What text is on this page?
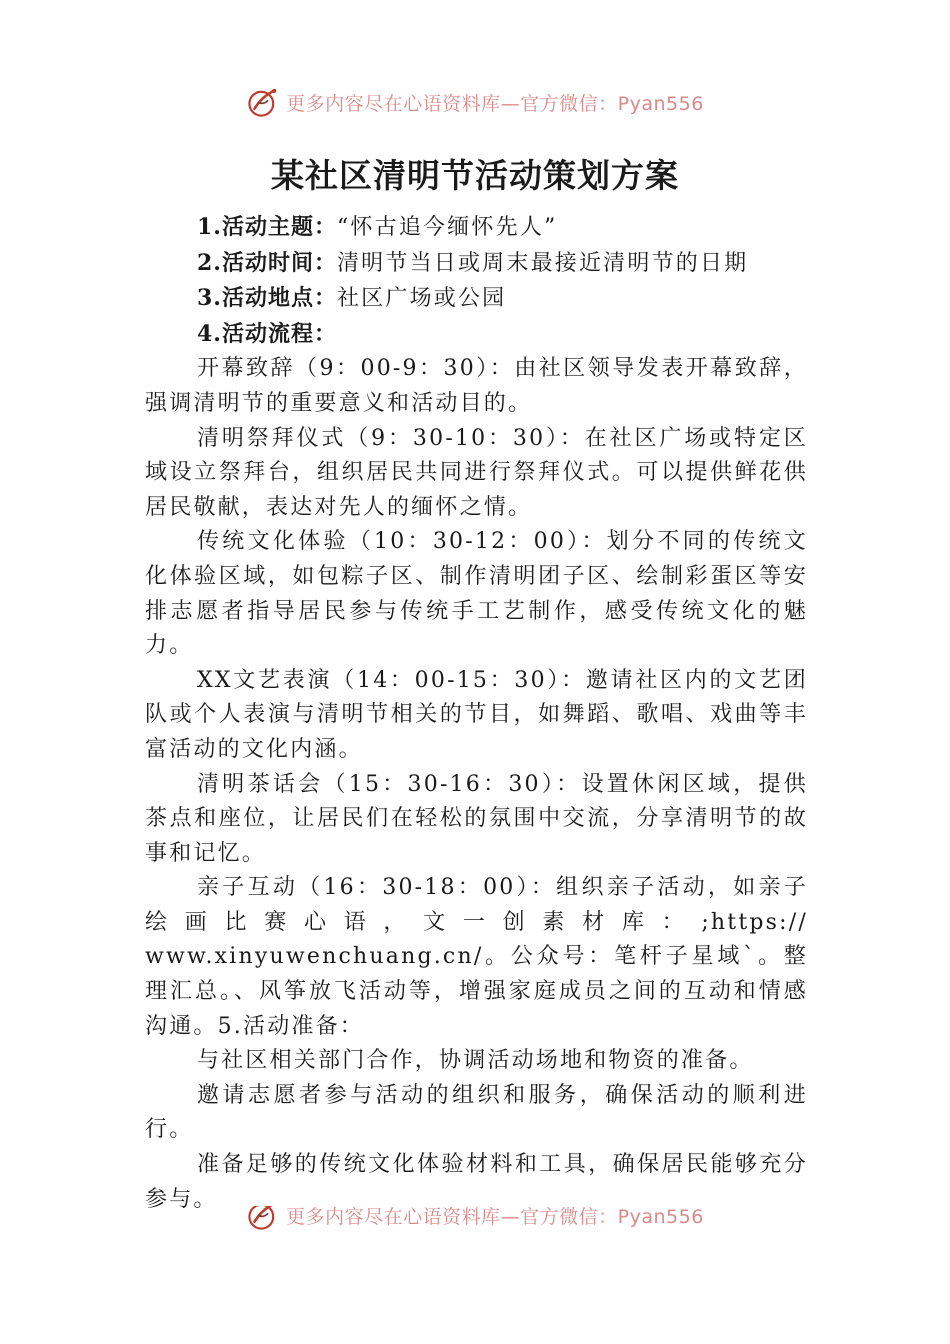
更多内容尽在心语资料库—官方微信：Pyan556
某社区清明节活动策划方案

1.活动主题：“怀古追今缅怀先人”

2.活动时间：清明节当日或周末最接近清明节的日期

3.活动地点：社区广场或公园

4.活动流程：

开幕致辞（9：00-9：30）：由社区领导发表开幕致辞，强调清明节的重要意义和活动目的。

清明祭拜仪式（9：30-10：30）：在社区广场或特定区域设立祭拜台，组织居民共同进行祭拜仪式。可以提供鲜花供居民敬献，表达对先人的缅怀之情。

传统文化体验（10：30-12：00）：划分不同的传统文化体验区域，如包粽子区、制作清明团子区、绘制彩蛋区等安排志愿者指导居民参与传统手工艺制作，感受传统文化的魅力。

XX文艺表演（14：00-15：30）：邀请社区内的文艺团队或个人表演与清明节相关的节目，如舞蹈、歌唱、戏曲等丰富活动的文化内涵。

清明茶话会（15：30-16：30）：设置休闲区域，提供茶点和座位，让居民们在轻松的氛围中交流，分享清明节的故事和记忆。

亲子互动（16：30-18：00）：组织亲子活动，如亲子

绘画比赛心语，文一创素材库：;https://

www.xinyuwenchuang.cn/。公众号：笔杆子星域`。整理汇总。、风筝放飞活动等，增强家庭成员之间的互动和情感沟通。5.活动准备：

与社区相关部门合作，协调活动场地和物资的准备。

邀请志愿者参与活动的组织和服务，确保活动的顺利进行。

准备足够的传统文化体验材料和工具，确保居民能够充分参与。

更多内容尽在心语资料库—官方微信：Pyan556
